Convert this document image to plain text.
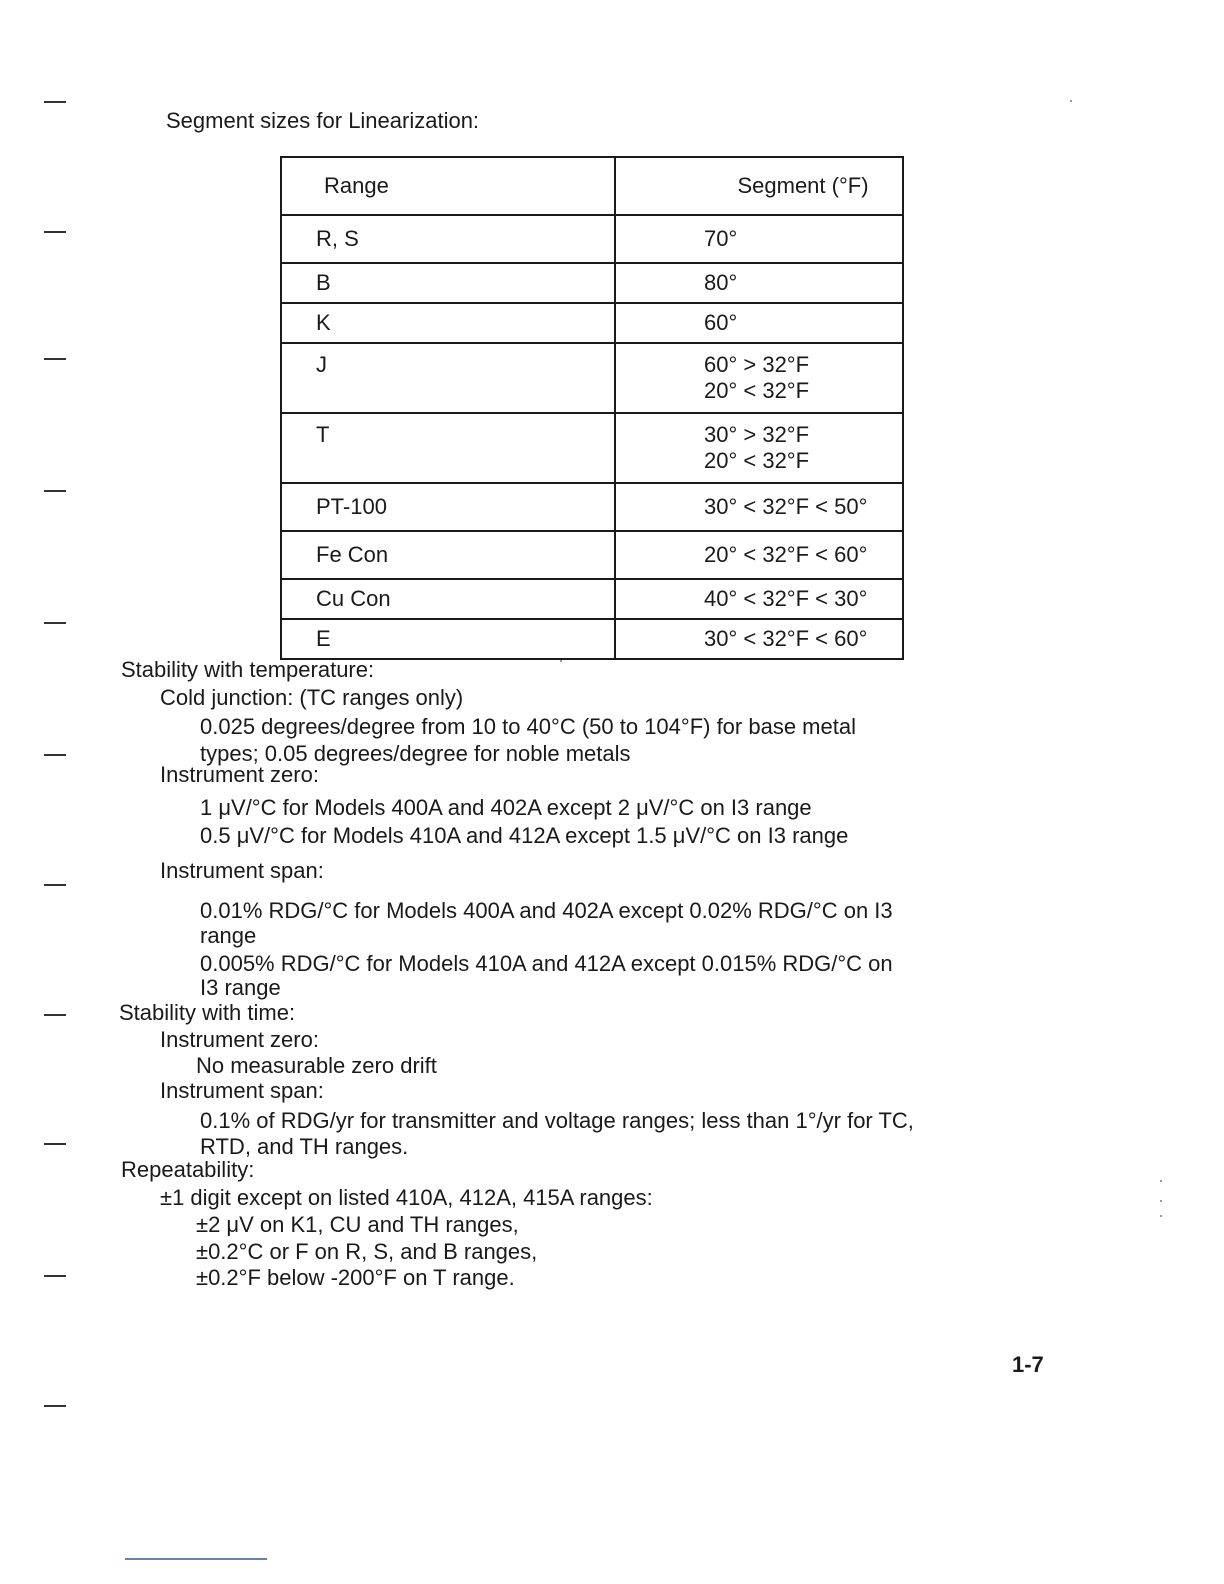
Segment sizes for Linearization:
Range	Segment (°F)
R, S	70°
B	80°
K	60°
J	60° > 32°F
20° < 32°F

T	30° > 32°F
20° < 32°F

PT-100	30° < 32°F < 50°
Fe Con	20° < 32°F < 60°
Cu Con	40° < 32°F < 30°
E	30° < 32°F < 60°
Stability with temperature:
Cold junction: (TC ranges only)
0.025 degrees/degree from 10 to 40°C (50 to 104°F) for base metal
types; 0.05 degrees/degree for noble metals
Instrument zero:
1 μV/°C for Models 400A and 402A except 2 μV/°C on I3 range
0.5 μV/°C for Models 410A and 412A except 1.5 μV/°C on I3 range
Instrument span:
0.01% RDG/°C for Models 400A and 402A except 0.02% RDG/°C on I3
range
0.005% RDG/°C for Models 410A and 412A except 0.015% RDG/°C on
I3 range
Stability with time:
Instrument zero:
No measurable zero drift
Instrument span:
0.1% of RDG/yr for transmitter and voltage ranges; less than 1°/yr for TC,
RTD, and TH ranges.
Repeatability:
±1 digit except on listed 410A, 412A, 415A ranges:
±2 μV on K1, CU and TH ranges,
±0.2°C or F on R, S, and B ranges,
±0.2°F below -200°F on T range.
1-7
